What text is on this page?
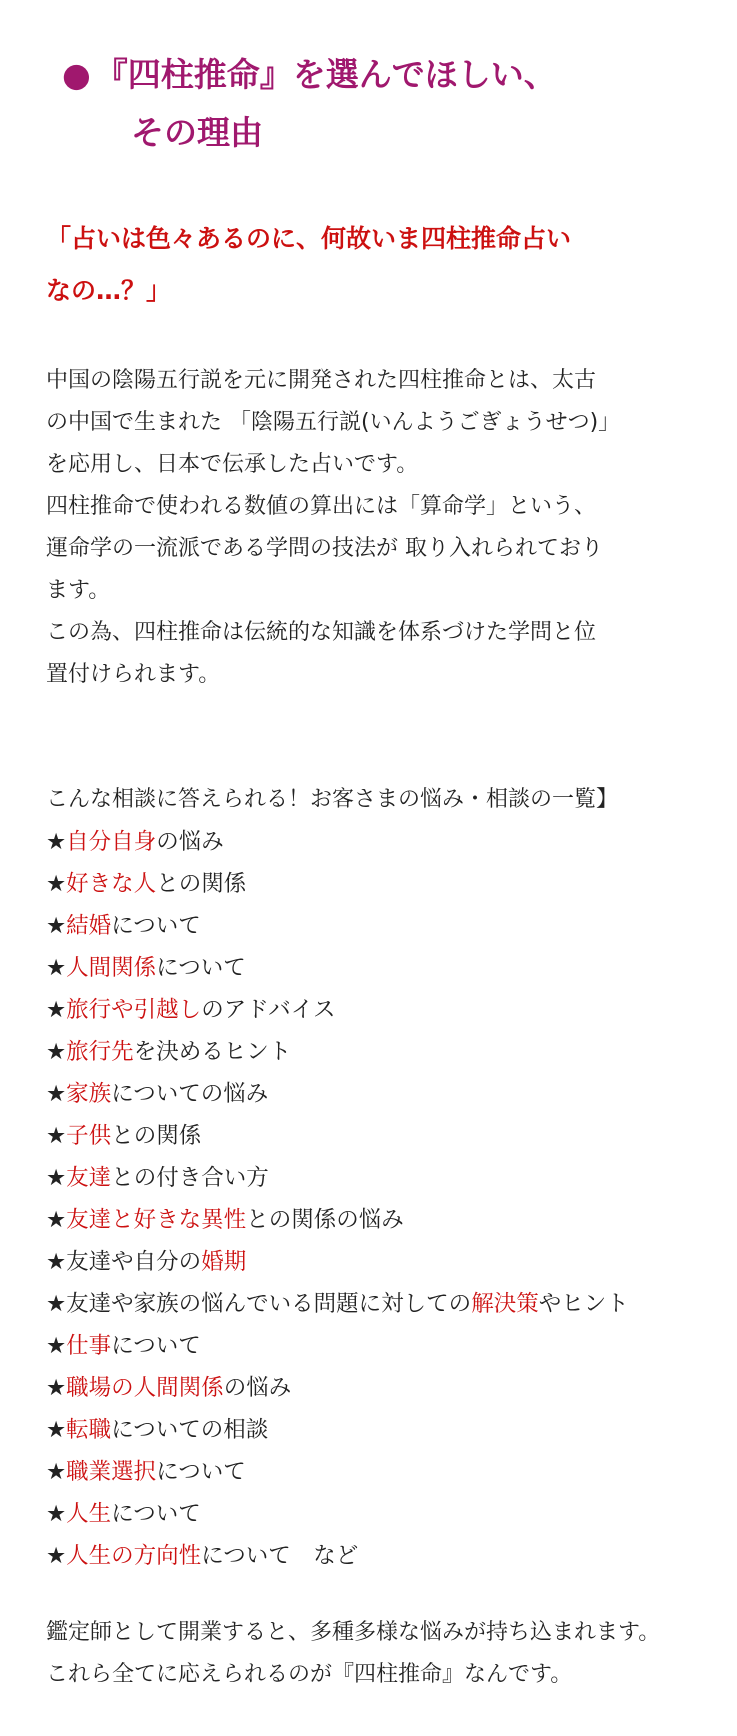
● 『四柱推命』を選んでほしい、
その理由
「占いは色々あるのに、何故いま四柱推命占い
なの…？」
中国の陰陽五行説を元に開発された四柱推命とは、太古
の中国で生まれた 「陰陽五行説(いんようごぎょうせつ)」
を応用し、日本で伝承した占いです。
四柱推命で使われる数値の算出には「算命学」という、
運命学の一流派である学問の技法が 取り入れられており
ます。
この為、四柱推命は伝統的な知識を体系づけた学問と位
置付けられます。
こんな相談に答えられる！お客さまの悩み・相談の一覧】
★自分自身の悩み
★好きな人との関係
★結婚について
★人間関係について
★旅行や引越しのアドバイス
★旅行先を決めるヒント
★家族についての悩み
★子供との関係
★友達との付き合い方
★友達と好きな異性との関係の悩み
★友達や自分の婚期
★友達や家族の悩んでいる問題に対しての解決策やヒント
★仕事について
★職場の人間関係の悩み
★転職についての相談
★職業選択について
★人生について
★人生の方向性について　など
鑑定師として開業すると、多種多様な悩みが持ち込まれます。
これら全てに応えられるのが『四柱推命』なんです。
